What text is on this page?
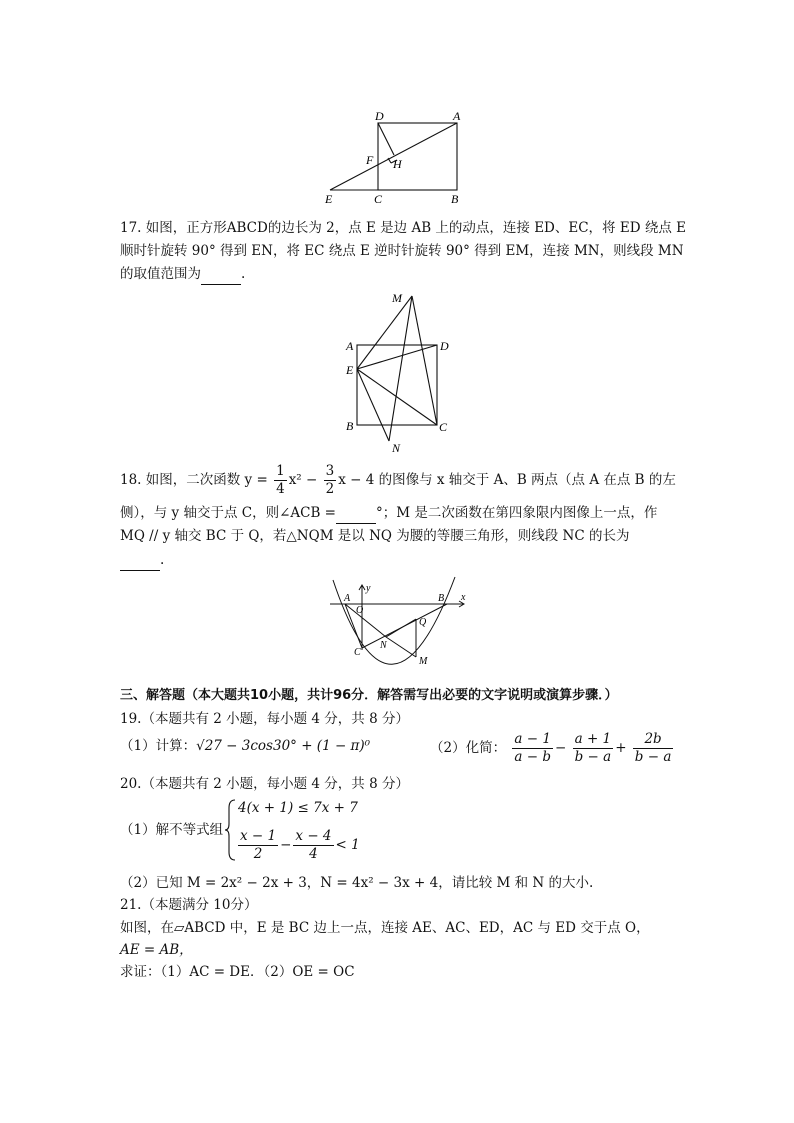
D	A
F H
E	C	B
17. 如图，正方形ABCD的边长为 2，点 E 是边 AB 上的动点，连接 ED、EC，将 ED 绕点 E
顺时针旋转 90° 得到 EN，将 EC 绕点 E 逆时针旋转 90° 得到 EM，连接 MN，则线段 MN
的取值范围为	.
M
A	D
E
B	C
N
18. 如图，二次函数 $y = \frac{1}{4} x^2 - \frac{3}{2}$ x − 4 的图像与 x 轴交于 A、B 两点（点 A 在点 B 的左
侧），与 y 轴交于点 C，则∠ACB =	°；M 是二次函数在第四象限内图像上一点，作
MQ // y 轴交 BC 于 Q，若△NQM 是以 NQ 为腰的等腰三角形，则线段 NC 的长为
.
y
x
A
O
B
Q
C
N
M
三、解答题（本大题共10小题，共计96分．解答需写出必要的文字说明或演算步骤．）
19.（本题共有 2 小题，每小题 4 分，共 8 分）
（1）计算：√27 − 3cos30° + (1 − π)⁰	（2）化简： $\frac{a - 1}{a - b} - \frac{a + 1}{b - a} + \frac{2b}{b - a}$
20.（本题共有 2 小题，每小题 4 分，共 8 分）
（1）解不等式组
4(x + 1) ≤ 7x + 7
$\frac{x - 1}{2} - \frac{x - 4}{4} < 1$
（2）已知 M = 2x² − 2x + 3，N = 4x² − 3x + 4，请比较 M 和 N 的大小.
21.（本题满分 10分）
如图，在▱ABCD 中，E 是 BC 边上一点，连接 AE、AC、ED，AC 与 ED 交于点 O，
AE = AB，
求证：（1）AC = DE．（2）OE = OC
